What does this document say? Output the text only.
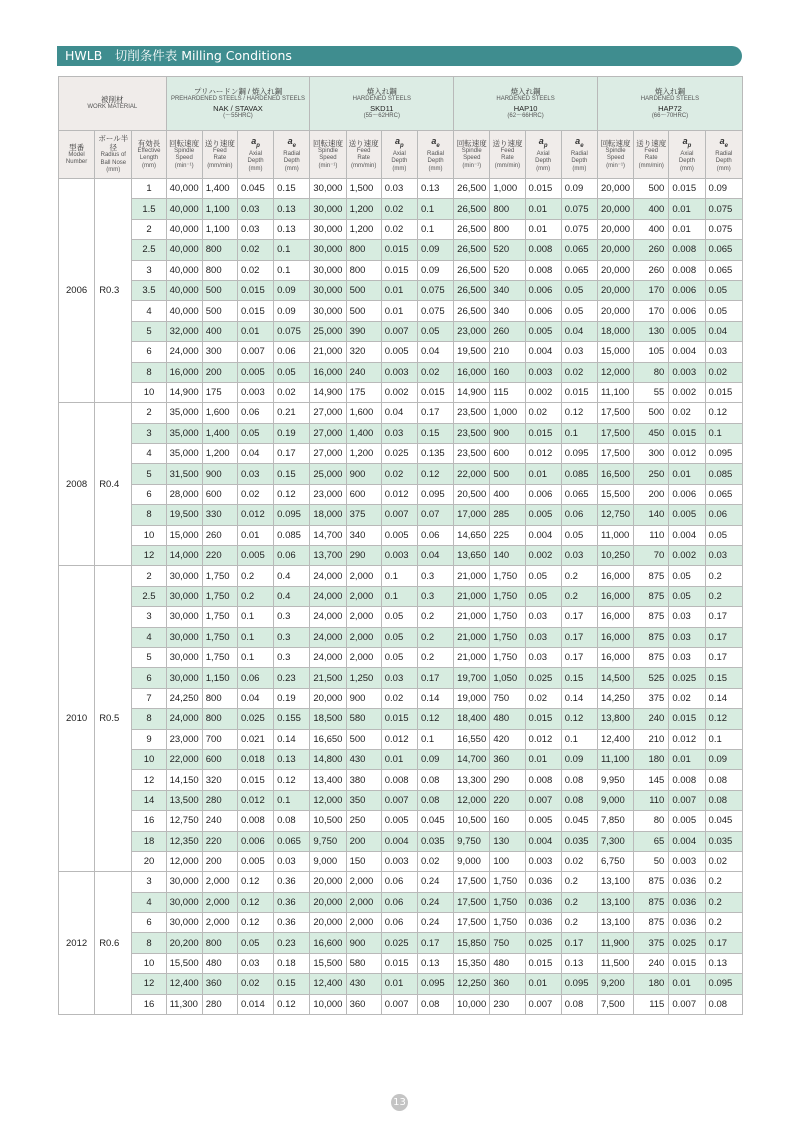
HWLB　切削条件表 Milling Conditions
被削材
WORK MATERIAL			プリハードン鋼 / 焼入れ鋼
PREHARDENED STEELS / HARDENED STEELS
NAK / STAVAX
(～55HRC)				焼入れ鋼
HARDENED STEELS
SKD11
(55～62HRC)				焼入れ鋼
HARDENED STEELS
HAP10
(62～66HRC)				焼入れ鋼
HARDENED STEELS
HAP72
(66～70HRC)			

型番
Model
Number	ボール半径
Radius of
Ball Nose
(mm)	有効長
Effective
Length
(mm)	回転速度
Spindle
Speed
(min⁻¹)	送り速度
Feed
Rate
(mm/min)	$a_p$
Axial
Depth
(mm)	$a_e$
Radial
Depth
(mm)	回転速度
Spindle
Speed
(min⁻¹)	送り速度
Feed
Rate
(mm/min)	$a_p$
Axial
Depth
(mm)	$a_e$
Radial
Depth
(mm)	回転速度
Spindle
Speed
(min⁻¹)	送り速度
Feed
Rate
(mm/min)	$a_p$
Axial
Depth
(mm)	$a_e$
Radial
Depth
(mm)	回転速度
Spindle
Speed
(min⁻¹)	送り速度
Feed
Rate
(mm/min)	$a_p$
Axial
Depth
(mm)	$a_e$
Radial
Depth
(mm)

2006	R0.3	1	40,000	1,400	0.045	0.15	30,000	1,500	0.03	0.13	26,500	1,000	0.015	0.09	20,000	500	0.015	0.09
		1.5	40,000	1,100	0.03	0.13	30,000	1,200	0.02	0.1	26,500	800	0.01	0.075	20,000	400	0.01	0.075
		2	40,000	1,100	0.03	0.13	30,000	1,200	0.02	0.1	26,500	800	0.01	0.075	20,000	400	0.01	0.075
		2.5	40,000	800	0.02	0.1	30,000	800	0.015	0.09	26,500	520	0.008	0.065	20,000	260	0.008	0.065
		3	40,000	800	0.02	0.1	30,000	800	0.015	0.09	26,500	520	0.008	0.065	20,000	260	0.008	0.065
		3.5	40,000	500	0.015	0.09	30,000	500	0.01	0.075	26,500	340	0.006	0.05	20,000	170	0.006	0.05
		4	40,000	500	0.015	0.09	30,000	500	0.01	0.075	26,500	340	0.006	0.05	20,000	170	0.006	0.05
		5	32,000	400	0.01	0.075	25,000	390	0.007	0.05	23,000	260	0.005	0.04	18,000	130	0.005	0.04
		6	24,000	300	0.007	0.06	21,000	320	0.005	0.04	19,500	210	0.004	0.03	15,000	105	0.004	0.03
		8	16,000	200	0.005	0.05	16,000	240	0.003	0.02	16,000	160	0.003	0.02	12,000	80	0.003	0.02
		10	14,900	175	0.003	0.02	14,900	175	0.002	0.015	14,900	115	0.002	0.015	11,100	55	0.002	0.015
2008	R0.4	2	35,000	1,600	0.06	0.21	27,000	1,600	0.04	0.17	23,500	1,000	0.02	0.12	17,500	500	0.02	0.12
		3	35,000	1,400	0.05	0.19	27,000	1,400	0.03	0.15	23,500	900	0.015	0.1	17,500	450	0.015	0.1
		4	35,000	1,200	0.04	0.17	27,000	1,200	0.025	0.135	23,500	600	0.012	0.095	17,500	300	0.012	0.095
		5	31,500	900	0.03	0.15	25,000	900	0.02	0.12	22,000	500	0.01	0.085	16,500	250	0.01	0.085
		6	28,000	600	0.02	0.12	23,000	600	0.012	0.095	20,500	400	0.006	0.065	15,500	200	0.006	0.065
		8	19,500	330	0.012	0.095	18,000	375	0.007	0.07	17,000	285	0.005	0.06	12,750	140	0.005	0.06
		10	15,000	260	0.01	0.085	14,700	340	0.005	0.06	14,650	225	0.004	0.05	11,000	110	0.004	0.05
		12	14,000	220	0.005	0.06	13,700	290	0.003	0.04	13,650	140	0.002	0.03	10,250	70	0.002	0.03
2010	R0.5	2	30,000	1,750	0.2	0.4	24,000	2,000	0.1	0.3	21,000	1,750	0.05	0.2	16,000	875	0.05	0.2
		2.5	30,000	1,750	0.2	0.4	24,000	2,000	0.1	0.3	21,000	1,750	0.05	0.2	16,000	875	0.05	0.2
		3	30,000	1,750	0.1	0.3	24,000	2,000	0.05	0.2	21,000	1,750	0.03	0.17	16,000	875	0.03	0.17
		4	30,000	1,750	0.1	0.3	24,000	2,000	0.05	0.2	21,000	1,750	0.03	0.17	16,000	875	0.03	0.17
		5	30,000	1,750	0.1	0.3	24,000	2,000	0.05	0.2	21,000	1,750	0.03	0.17	16,000	875	0.03	0.17
		6	30,000	1,150	0.06	0.23	21,500	1,250	0.03	0.17	19,700	1,050	0.025	0.15	14,500	525	0.025	0.15
		7	24,250	800	0.04	0.19	20,000	900	0.02	0.14	19,000	750	0.02	0.14	14,250	375	0.02	0.14
		8	24,000	800	0.025	0.155	18,500	580	0.015	0.12	18,400	480	0.015	0.12	13,800	240	0.015	0.12
		9	23,000	700	0.021	0.14	16,650	500	0.012	0.1	16,550	420	0.012	0.1	12,400	210	0.012	0.1
		10	22,000	600	0.018	0.13	14,800	430	0.01	0.09	14,700	360	0.01	0.09	11,100	180	0.01	0.09
		12	14,150	320	0.015	0.12	13,400	380	0.008	0.08	13,300	290	0.008	0.08	9,950	145	0.008	0.08
		14	13,500	280	0.012	0.1	12,000	350	0.007	0.08	12,000	220	0.007	0.08	9,000	110	0.007	0.08
		16	12,750	240	0.008	0.08	10,500	250	0.005	0.045	10,500	160	0.005	0.045	7,850	80	0.005	0.045
		18	12,350	220	0.006	0.065	9,750	200	0.004	0.035	9,750	130	0.004	0.035	7,300	65	0.004	0.035
		20	12,000	200	0.005	0.03	9,000	150	0.003	0.02	9,000	100	0.003	0.02	6,750	50	0.003	0.02
2012	R0.6	3	30,000	2,000	0.12	0.36	20,000	2,000	0.06	0.24	17,500	1,750	0.036	0.2	13,100	875	0.036	0.2
		4	30,000	2,000	0.12	0.36	20,000	2,000	0.06	0.24	17,500	1,750	0.036	0.2	13,100	875	0.036	0.2
		6	30,000	2,000	0.12	0.36	20,000	2,000	0.06	0.24	17,500	1,750	0.036	0.2	13,100	875	0.036	0.2
		8	20,200	800	0.05	0.23	16,600	900	0.025	0.17	15,850	750	0.025	0.17	11,900	375	0.025	0.17
		10	15,500	480	0.03	0.18	15,500	580	0.015	0.13	15,350	480	0.015	0.13	11,500	240	0.015	0.13
		12	12,400	360	0.02	0.15	12,400	430	0.01	0.095	12,250	360	0.01	0.095	9,200	180	0.01	0.095
		16	11,300	280	0.014	0.12	10,000	360	0.007	0.08	10,000	230	0.007	0.08	7,500	115	0.007	0.08
13
